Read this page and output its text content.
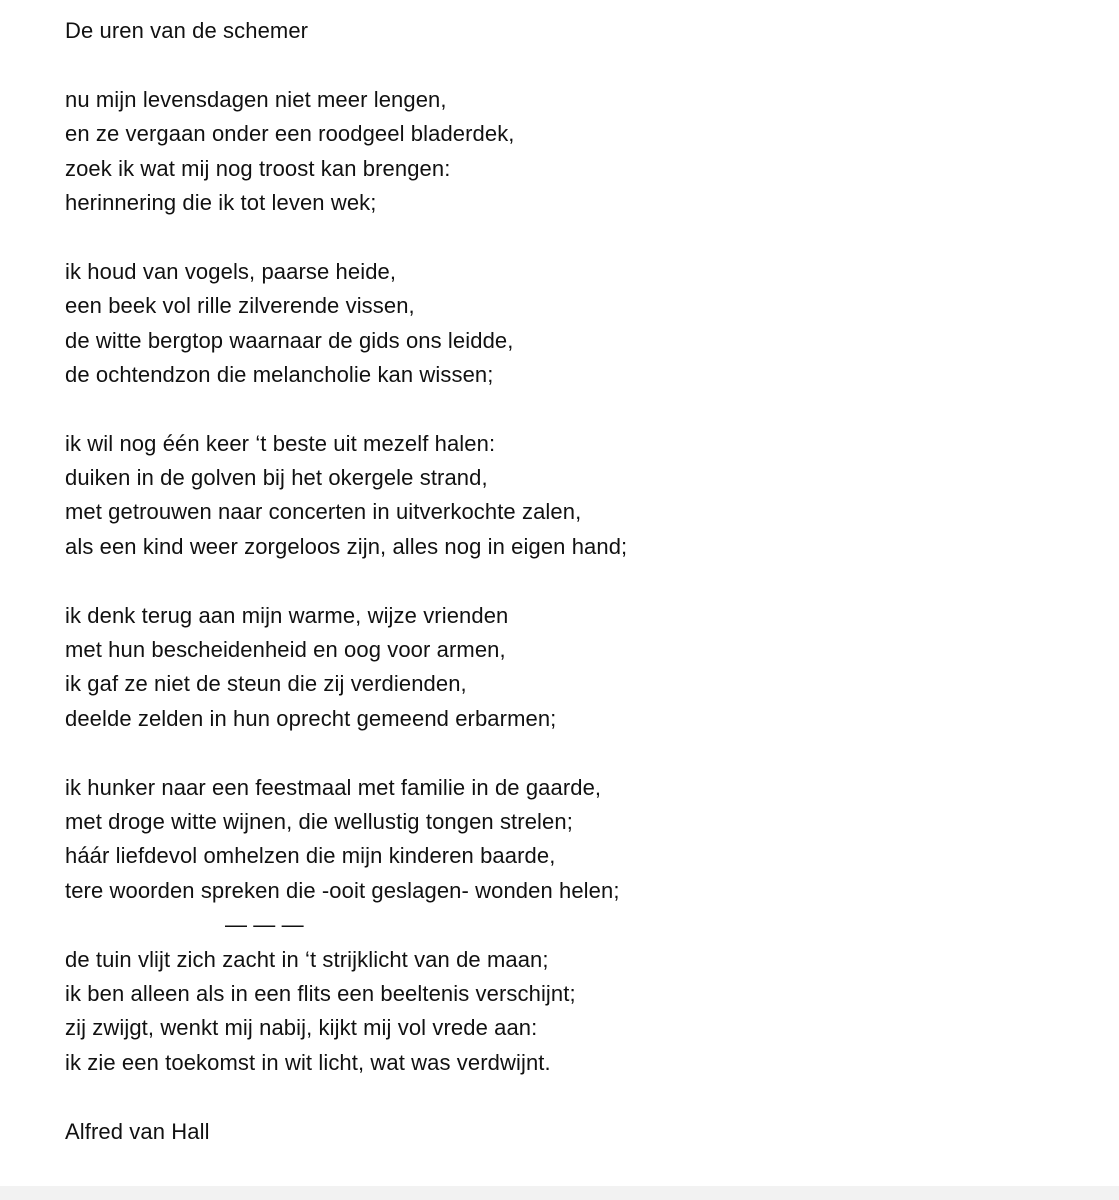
De uren van de schemer
nu mijn levensdagen niet meer lengen,
en ze vergaan onder een roodgeel bladerdek,
zoek ik wat mij nog troost kan brengen:
herinnering die ik tot leven wek;
ik houd van vogels, paarse heide,
een beek vol rille zilverende vissen,
de witte bergtop waarnaar de gids ons leidde,
de ochtendzon die melancholie kan wissen;
ik wil nog één keer ‘t beste uit mezelf halen:
duiken in de golven bij het okergele strand,
met getrouwen naar concerten in uitverkochte zalen,
als een kind weer zorgeloos zijn, alles nog in eigen hand;
ik denk terug aan mijn warme, wijze vrienden
met hun bescheidenheid en oog voor armen,
ik gaf ze niet de steun die zij verdienden,
deelde zelden in hun oprecht gemeend erbarmen;
ik hunker naar een feestmaal met familie in de gaarde,
met droge witte wijnen, die wellustig tongen strelen;
háár liefdevol omhelzen die mijn kinderen baarde,
tere woorden spreken die -ooit geslagen- wonden helen;
— — —
de tuin vlijt zich zacht in ‘t strijklicht van de maan;
ik ben alleen als in een flits een beeltenis verschijnt;
zij zwijgt, wenkt mij nabij, kijkt mij vol vrede aan:
ik zie een toekomst in wit licht, wat was verdwijnt.
Alfred van Hall
